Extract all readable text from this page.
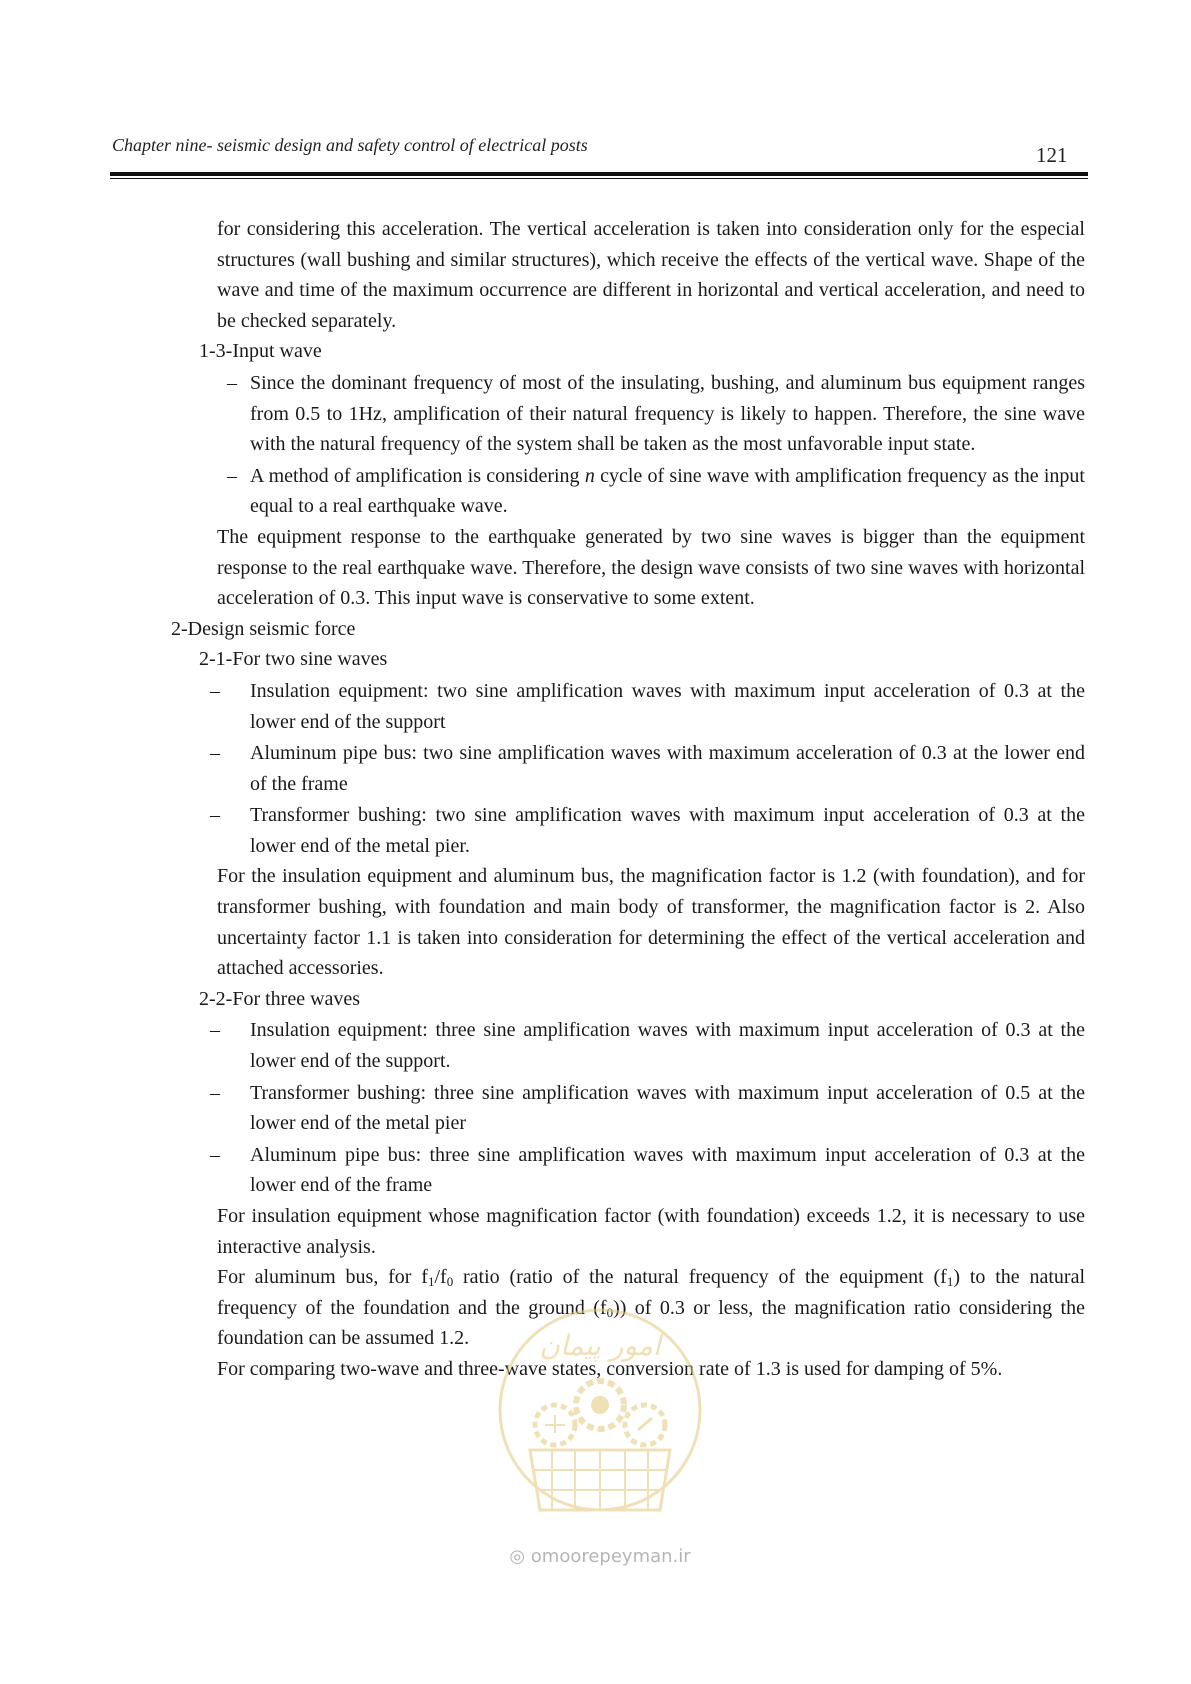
Chapter nine- seismic design and safety control of electrical posts	121
for considering this acceleration. The vertical acceleration is taken into consideration only for the especial structures (wall bushing and similar structures), which receive the effects of the vertical wave. Shape of the wave and time of the maximum occurrence are different in horizontal and vertical acceleration, and need to be checked separately.
1-3-Input wave
– Since the dominant frequency of most of the insulating, bushing, and aluminum bus equipment ranges from 0.5 to 1Hz, amplification of their natural frequency is likely to happen. Therefore, the sine wave with the natural frequency of the system shall be taken as the most unfavorable input state.
– A method of amplification is considering n cycle of sine wave with amplification frequency as the input equal to a real earthquake wave.
The equipment response to the earthquake generated by two sine waves is bigger than the equipment response to the real earthquake wave. Therefore, the design wave consists of two sine waves with horizontal acceleration of 0.3. This input wave is conservative to some extent.
2-Design seismic force
2-1-For two sine waves
– Insulation equipment: two sine amplification waves with maximum input acceleration of 0.3 at the lower end of the support
– Aluminum pipe bus: two sine amplification waves with maximum acceleration of 0.3 at the lower end of the frame
– Transformer bushing: two sine amplification waves with maximum input acceleration of 0.3 at the lower end of the metal pier.
For the insulation equipment and aluminum bus, the magnification factor is 1.2 (with foundation), and for transformer bushing, with foundation and main body of transformer, the magnification factor is 2. Also uncertainty factor 1.1 is taken into consideration for determining the effect of the vertical acceleration and attached accessories.
2-2-For three waves
– Insulation equipment: three sine amplification waves with maximum input acceleration of 0.3 at the lower end of the support.
– Transformer bushing: three sine amplification waves with maximum input acceleration of 0.5 at the lower end of the metal pier
– Aluminum pipe bus: three sine amplification waves with maximum input acceleration of 0.3 at the lower end of the frame
For insulation equipment whose magnification factor (with foundation) exceeds 1.2, it is necessary to use interactive analysis.
For aluminum bus, for $f_1/f_0$ ratio (ratio of the natural frequency of the equipment $(f_1)$ to the natural frequency of the foundation and the ground $(f_0)$) of 0.3 or less, the magnification ratio considering the foundation can be assumed 1.2.
For comparing two-wave and three-wave states, conversion rate of 1.3 is used for damping of 5%.
امور پیمان
◎ omoorepeyman.ir
